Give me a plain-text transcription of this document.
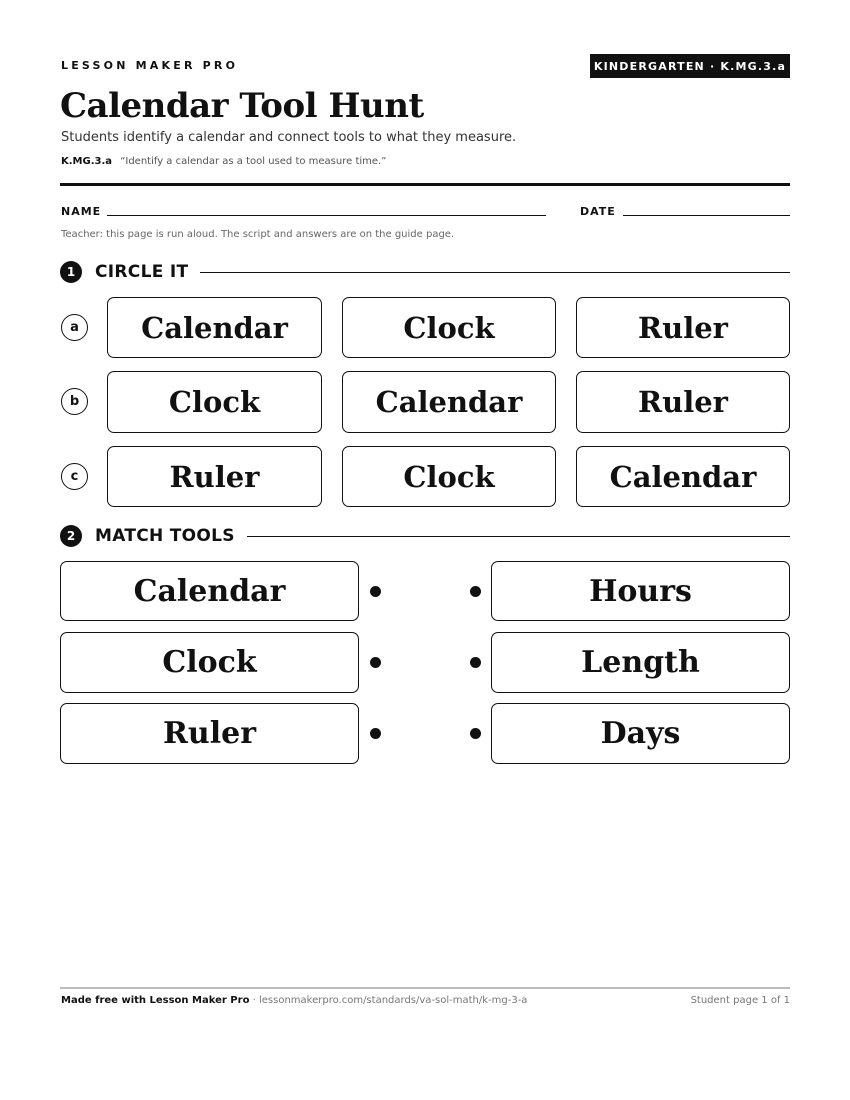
LESSON MAKER PRO	KINDERGARTEN · K.MG.3.a
Calendar Tool Hunt
Students identify a calendar and connect tools to what they measure.
K.MG.3.a “Identify a calendar as a tool used to measure time.”
NAME	DATE
Teacher: this page is run aloud. The script and answers are on the guide page.
1	CIRCLE IT
a	Calendar	Clock	Ruler
b	Clock	Calendar	Ruler
c	Ruler	Clock	Calendar
2	MATCH TOOLS
Calendar	Hours
Clock	Length
Ruler	Days
Made free with Lesson Maker Pro · lessonmakerpro.com/standards/va-sol-math/k-mg-3-a	Student page 1 of 1
